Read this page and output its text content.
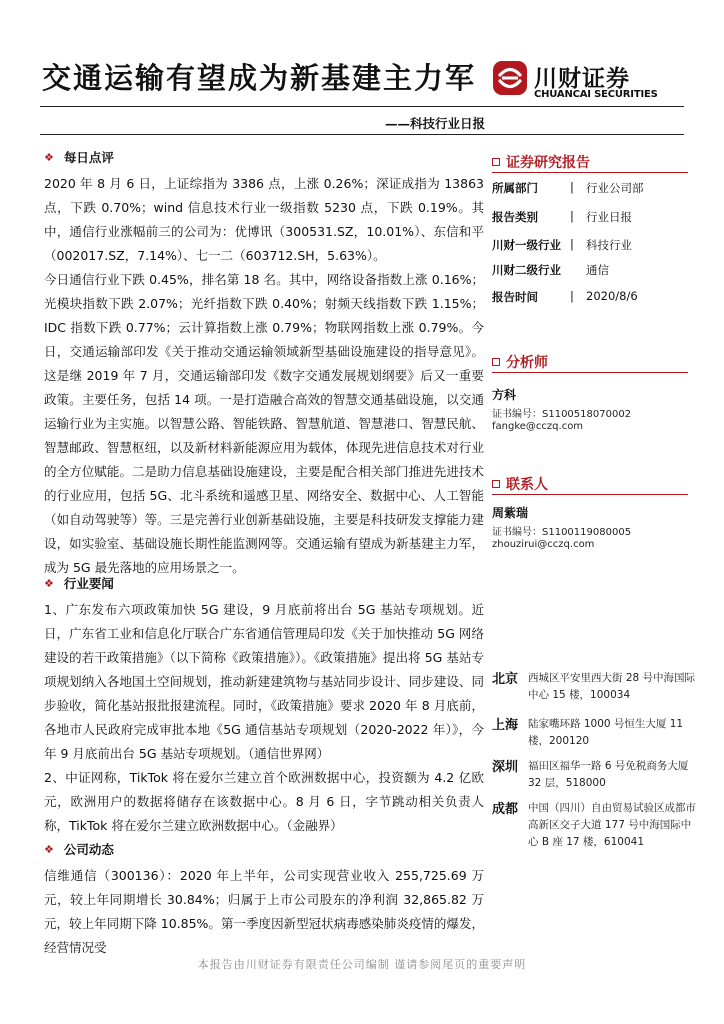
交通运输有望成为新基建主力军	川财证券
CHUANCAI SECURITIES
——科技行业日报
❖ 每日点评
2020 年 8 月 6 日，上证综指为 3386 点，上涨 0.26%；深证成指为 13863 点，下跌 0.70%；wind 信息技术行业一级指数 5230 点，下跌 0.19%。其中，通信行业涨幅前三的公司为：优博讯（300531.SZ，10.01%）、东信和平（002017.SZ，7.14%）、七一二（603712.SH，5.63%）。
今日通信行业下跌 0.45%，排名第 18 名。其中，网络设备指数上涨 0.16%；光模块指数下跌 2.07%；光纤指数下跌 0.40%；射频天线指数下跌 1.15%；IDC 指数下跌 0.77%；云计算指数上涨 0.79%；物联网指数上涨 0.79%。今日，交通运输部印发《关于推动交通运输领域新型基础设施建设的指导意见》。这是继 2019 年 7 月，交通运输部印发《数字交通发展规划纲要》后又一重要政策。主要任务，包括 14 项。一是打造融合高效的智慧交通基础设施，以交通运输行业为主实施。以智慧公路、智能铁路、智慧航道、智慧港口、智慧民航、智慧邮政、智慧枢纽，以及新材料新能源应用为载体，体现先进信息技术对行业的全方位赋能。二是助力信息基础设施建设，主要是配合相关部门推进先进技术的行业应用，包括 5G、北斗系统和遥感卫星、网络安全、数据中心、人工智能（如自动驾驶等）等。三是完善行业创新基础设施，主要是科技研发支撑能力建设，如实验室、基础设施长期性能监测网等。交通运输有望成为新基建主力军，成为 5G 最先落地的应用场景之一。
❖ 行业要闻
1、广东发布六项政策加快 5G 建设，9 月底前将出台 5G 基站专项规划。近日，广东省工业和信息化厅联合广东省通信管理局印发《关于加快推动 5G 网络建设的若干政策措施》（以下简称《政策措施》）。《政策措施》提出将 5G 基站专项规划纳入各地国土空间规划，推动新建建筑物与基站同步设计、同步建设、同步验收，简化基站报批报建流程。同时，《政策措施》要求 2020 年 8 月底前，各地市人民政府完成审批本地《5G 通信基站专项规划（2020-2022 年）》，今年 9 月底前出台 5G 基站专项规划。（通信世界网）
2、中证网称，TikTok 将在爱尔兰建立首个欧洲数据中心，投资额为 4.2 亿欧元，欧洲用户的数据将储存在该数据中心。8 月 6 日，字节跳动相关负责人称，TikTok 将在爱尔兰建立欧洲数据中心。（金融界）
❖ 公司动态
信维通信（300136）：2020 年上半年，公司实现营业收入 255,725.69 万元，较上年同期增长 30.84%；归属于上市公司股东的净利润 32,865.82 万元，较上年同期下降 10.85%。第一季度因新型冠状病毒感染肺炎疫情的爆发，经营情况受
证券研究报告
所属部门	| 行业公司部
报告类别	| 行业日报
川财一级行业 | 科技行业
川财二级行业 通信
报告时间	| 2020/8/6
分析师
方科
证书编号：S1100518070002
fangke@cczq.com
联系人
周紫瑞
证书编号：S1100119080005
zhouzirui@cczq.com
北京 西城区平安里西大街 28 号中海国际中心 15 楼，100034
上海 陆家嘴环路 1000 号恒生大厦 11 楼，200120
深圳 福田区福华一路 6 号免税商务大厦 32 层，518000
成都 中国（四川）自由贸易试验区成都市高新区交子大道 177 号中海国际中心 B 座 17 楼，610041
本报告由川财证券有限责任公司编制 谨请参阅尾页的重要声明
